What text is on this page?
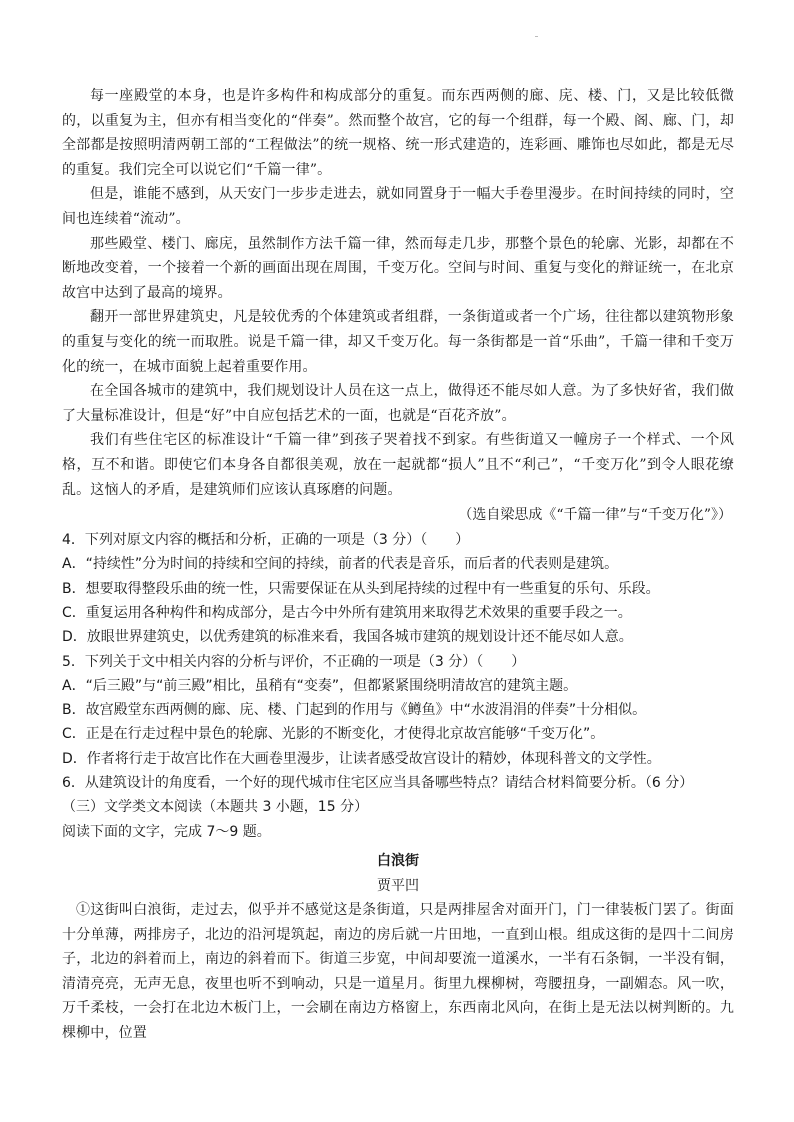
每一座殿堂的本身，也是许多构件和构成部分的重复。而东西两侧的廊、庑、楼、门，又是比较低微的，以重复为主，但亦有相当变化的“伴奏”。然而整个故宫，它的每一个组群，每一个殿、阁、廊、门，却全部都是按照明清两朝工部的“工程做法”的统一规格、统一形式建造的，连彩画、雕饰也尽如此，都是无尽的重复。我们完全可以说它们“千篇一律”。

但是，谁能不感到，从天安门一步步走进去，就如同置身于一幅大手卷里漫步。在时间持续的同时，空间也连续着“流动”。

那些殿堂、楼门、廊庑，虽然制作方法千篇一律，然而每走几步，那整个景色的轮廓、光影，却都在不断地改变着，一个接着一个新的画面出现在周围，千变万化。空间与时间、重复与变化的辩证统一，在北京故宫中达到了最高的境界。

翻开一部世界建筑史，凡是较优秀的个体建筑或者组群，一条街道或者一个广场，往往都以建筑物形象的重复与变化的统一而取胜。说是千篇一律，却又千变万化。每一条街都是一首“乐曲”，千篇一律和千变万化的统一，在城市面貌上起着重要作用。

在全国各城市的建筑中，我们规划设计人员在这一点上，做得还不能尽如人意。为了多快好省，我们做了大量标准设计，但是“好”中自应包括艺术的一面，也就是“百花齐放”。

我们有些住宅区的标准设计“千篇一律”到孩子哭着找不到家。有些街道又一幢房子一个样式、一个风格，互不和谐。即使它们本身各自都很美观，放在一起就都“损人”且不“利己”，“千变万化”到令人眼花缭乱。这恼人的矛盾，是建筑师们应该认真琢磨的问题。

（选自梁思成《“千篇一律”与“千变万化”》）

4．下列对原文内容的概括和分析，正确的一项是（3 分）（　　）

A．“持续性”分为时间的持续和空间的持续，前者的代表是音乐，而后者的代表则是建筑。

B．想要取得整段乐曲的统一性，只需要保证在从头到尾持续的过程中有一些重复的乐句、乐段。

C．重复运用各种构件和构成部分，是古今中外所有建筑用来取得艺术效果的重要手段之一。

D．放眼世界建筑史，以优秀建筑的标准来看，我国各城市建筑的规划设计还不能尽如人意。

5．下列关于文中相关内容的分析与评价，不正确的一项是（3 分）（　　）

A．“后三殿”与“前三殿”相比，虽稍有“变奏”，但都紧紧围绕明清故宫的建筑主题。

B．故宫殿堂东西两侧的廊、庑、楼、门起到的作用与《鳟鱼》中“水波涓涓的伴奏”十分相似。

C．正是在行走过程中景色的轮廓、光影的不断变化，才使得北京故宫能够“千变万化”。

D．作者将行走于故宫比作在大画卷里漫步，让读者感受故宫设计的精妙，体现科普文的文学性。

6．从建筑设计的角度看，一个好的现代城市住宅区应当具备哪些特点？请结合材料简要分析。（6 分）

（三）文学类文本阅读（本题共 3 小题，15 分）

阅读下面的文字，完成 7～9 题。

白浪街

贾平凹

①这街叫白浪街，走过去，似乎并不感觉这是条街道，只是两排屋舍对面开门，门一律装板门罢了。街面十分单薄，两排房子，北边的沿河堤筑起，南边的房后就一片田地，一直到山根。组成这街的是四十二间房子，北边的斜着而上，南边的斜着而下。街道三步宽，中间却要流一道溪水，一半有石条铜，一半没有铜，清清亮亮，无声无息，夜里也听不到响动，只是一道星月。街里九棵柳树，弯腰扭身，一副媚态。风一吹，万千柔枝，一会打在北边木板门上，一会刷在南边方格窗上，东西南北风向，在街上是无法以树判断的。九棵柳中，位置
